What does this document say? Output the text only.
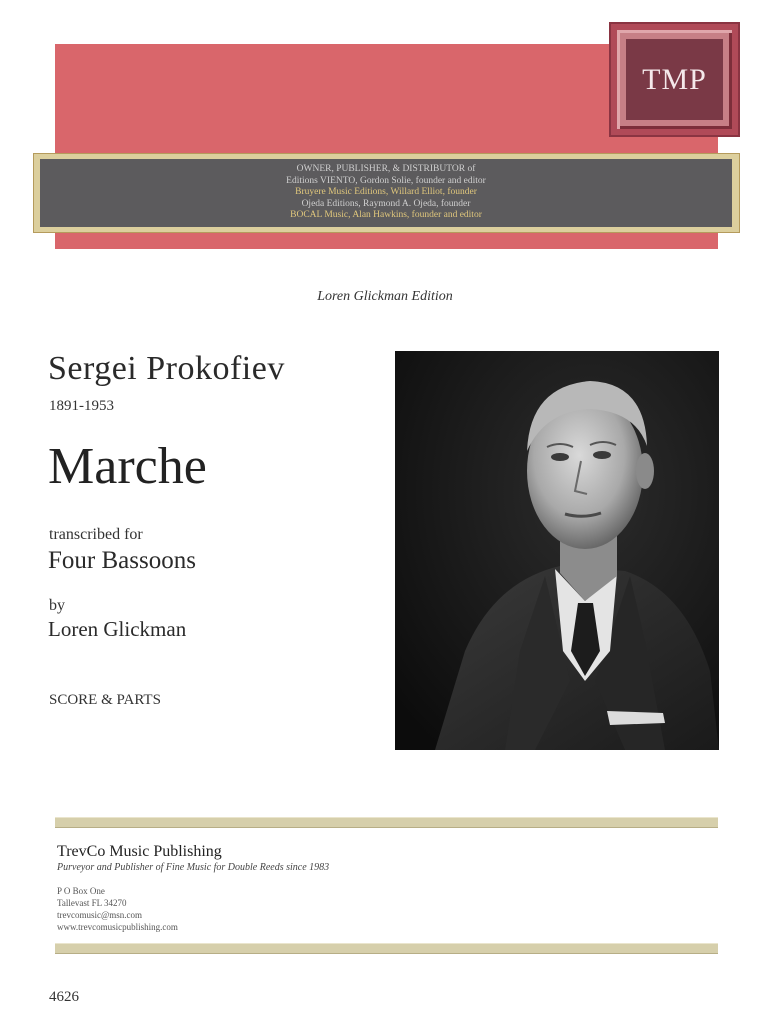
TMP
OWNER, PUBLISHER, & DISTRIBUTOR of
Editions VIENTO, Gordon Solie, founder and editor
Bruyere Music Editions, Willard Elliot, founder
Ojeda Editions, Raymond A. Ojeda, founder
BOCAL Music, Alan Hawkins, founder and editor
Loren Glickman Edition
Sergei Prokofiev
1891-1953
Marche
transcribed for
Four Bassoons
by
Loren Glickman
SCORE & PARTS
TrevCo Music Publishing
Purveyor and Publisher of Fine Music for Double Reeds since 1983
P O Box One
Tallevast FL 34270
trevcomusic@msn.com
www.trevcomusicpublishing.com
4626
